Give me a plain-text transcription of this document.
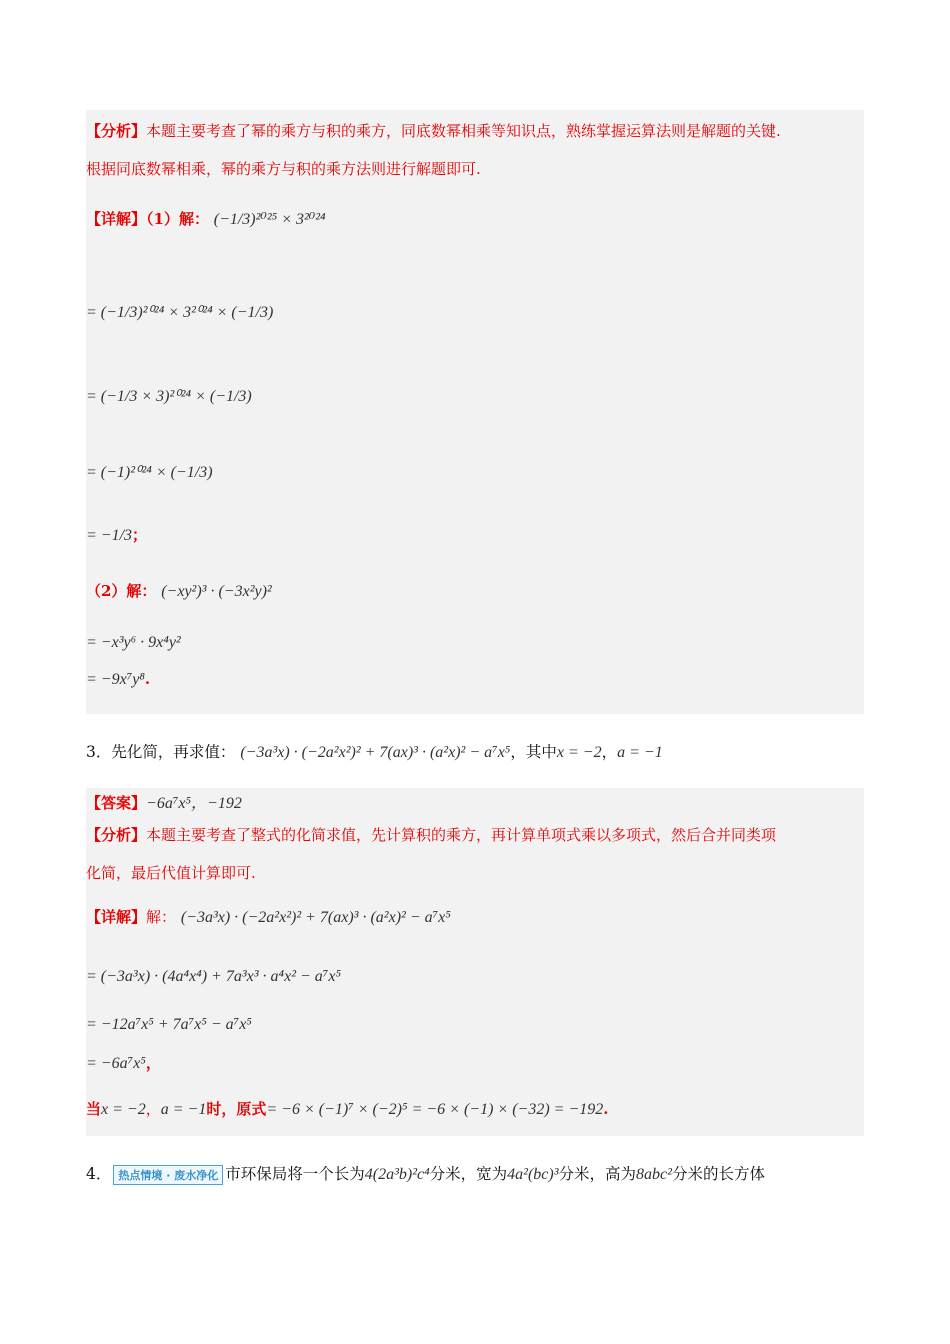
【分析】本题主要考查了幂的乘方与积的乘方，同底数幂相乘等知识点，熟练掌握运算法则是解题的关键.
根据同底数幂相乘，幂的乘方与积的乘方法则进行解题即可.
【详解】（1）解： (−1/3)²⁰²⁵ × 3²⁰²⁴
= (−1/3)²⁰²⁴ × 3²⁰²⁴ × (−1/3)
= (−1/3 × 3)²⁰²⁴ × (−1/3)
= (−1)²⁰²⁴ × (−1/3)
= −1/3；
（2）解： (−xy²)³ · (−3x²y)²
= −x³y⁶ · 9x⁴y²
= −9x⁷y⁸.
3．先化简，再求值： (−3a³x) · (−2a²x²)² + 7(ax)³ · (a²x)² − a⁷x⁵，其中x = −2，a = −1
【答案】−6a⁷x⁵，−192
【分析】本题主要考查了整式的化简求值，先计算积的乘方，再计算单项式乘以多项式，然后合并同类项
化简，最后代值计算即可.
【详解】解： (−3a³x) · (−2a²x²)² + 7(ax)³ · (a²x)² − a⁷x⁵
= (−3a³x) · (4a⁴x⁴) + 7a³x³ · a⁴x² − a⁷x⁵
= −12a⁷x⁵ + 7a⁷x⁵ − a⁷x⁵
= −6a⁷x⁵，
当x = −2，a = −1时，原式= −6 × (−1)⁷ × (−2)⁵ = −6 × (−1) × (−32) = −192.
4． 热点情境 · 废水净化 市环保局将一个长为4(2a³b)²c⁴分米，宽为4a²(bc)³分米，高为8abc²分米的长方体
